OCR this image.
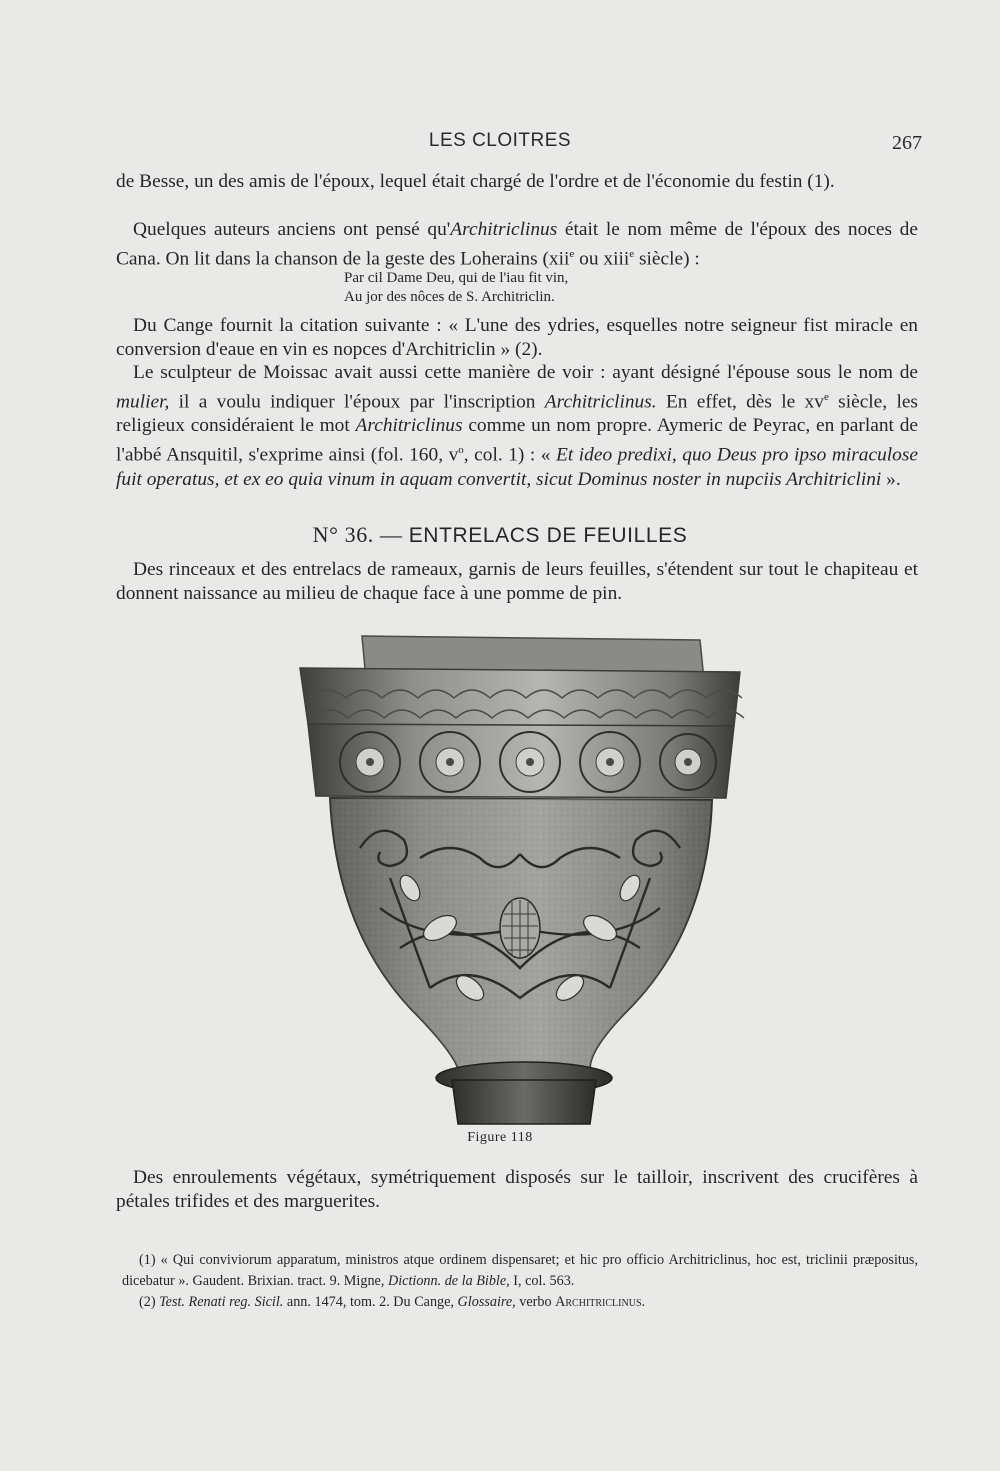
LES CLOITRES	267

de Besse, un des amis de l'époux, lequel était chargé de l'ordre et de l'économie du festin (1).

Quelques auteurs anciens ont pensé qu'Architriclinus était le nom même de l'époux des noces de Cana. On lit dans la chanson de la geste des Loherains (xii$^e$ ou xiii$^e$ siècle) :

Par cil Dame Deu, qui de l'iau fit vin,
Au jor des nôces de S. Architriclin.

Du Cange fournit la citation suivante : « L'une des ydries, esquelles notre seigneur fist miracle en conversion d'eaue en vin es nopces d'Architriclin » (2).

Le sculpteur de Moissac avait aussi cette manière de voir : ayant désigné l'épouse sous le nom de mulier, il a voulu indiquer l'époux par l'inscription Architriclinus. En effet, dès le $xv^e$ siècle, les religieux considéraient le mot Architriclinus comme un nom propre. Aymeric de Peyrac, en parlant de l'abbé Ansquitil, s'exprime ainsi (fol. 160, $v^o$, col. 1) : « Et ideo predixi, quo Deus pro ipso miraculose fuit operatus, et ex eo quia vinum in aquam convertit, sicut Dominus noster in nupciis Architriclini ».

N° 36. — ENTRELACS DE FEUILLES

Des rinceaux et des entrelacs de rameaux, garnis de leurs feuilles, s'étendent sur tout le chapiteau et donnent naissance au milieu de chaque face à une pomme de pin.

Figure 118

Des enroulements végétaux, symétriquement disposés sur le tailloir, inscrivent des crucifères à pétales trifides et des marguerites.

(1) « Qui conviviorum apparatum, ministros atque ordinem dispensaret; et hic pro officio Architriclinus, hoc est, triclinii præpositus, dicebatur ». Gaudent. Brixian. tract. 9. Migne, Dictionn. de la Bible, I, col. 563.

(2) Test. Renati reg. Sicil. ann. 1474, tom. 2. Du Cange, Glossaire, verbo Architriclinus.
